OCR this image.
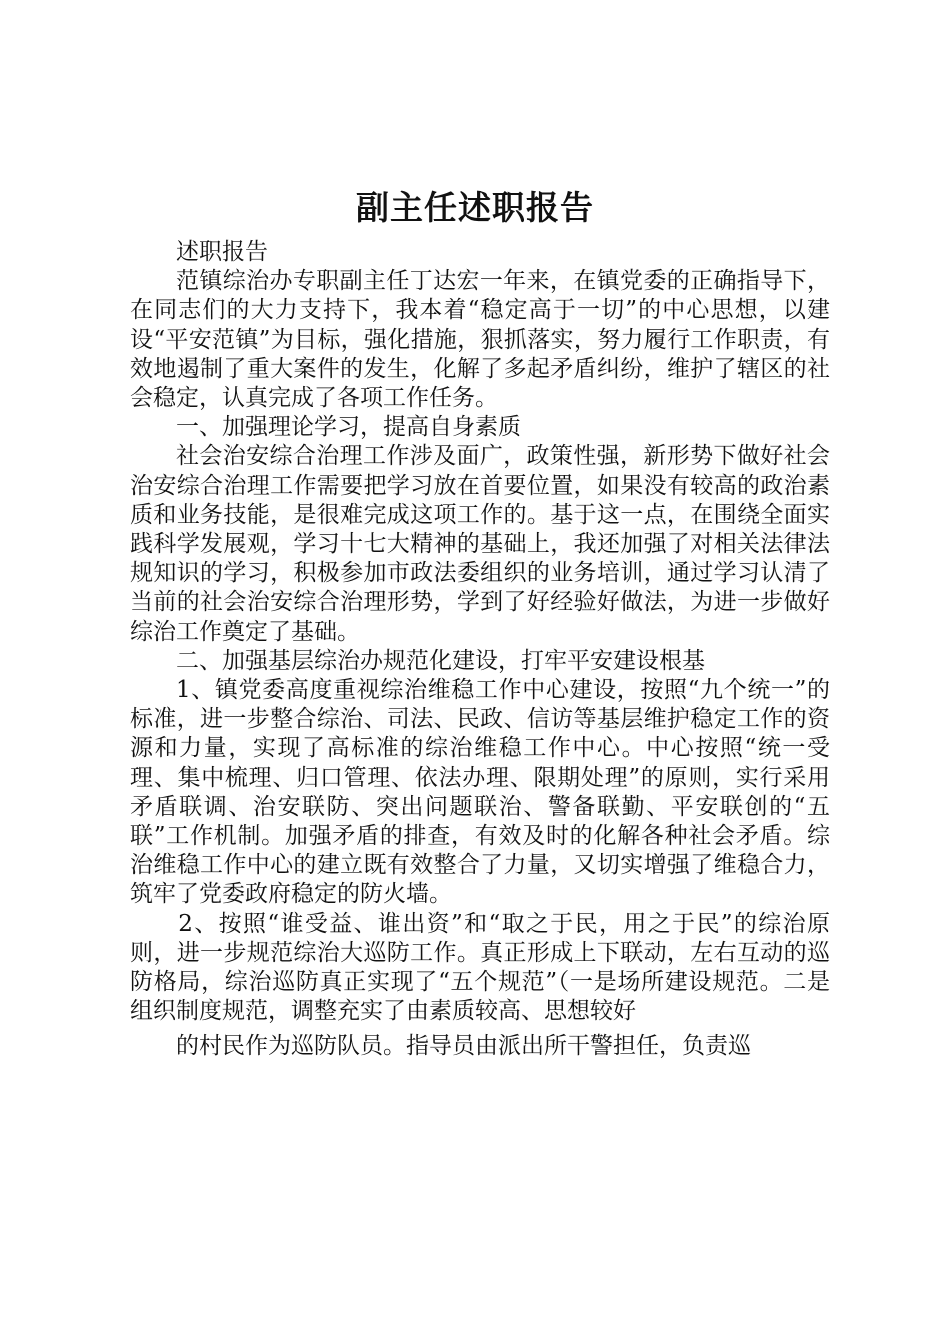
副主任述职报告

述职报告

范镇综治办专职副主任丁达宏一年来，在镇党委的正确指导下，在同志们的大力支持下，我本着“稳定高于一切”的中心思想，以建设“平安范镇”为目标，强化措施，狠抓落实，努力履行工作职责，有效地遏制了重大案件的发生，化解了多起矛盾纠纷，维护了辖区的社会稳定，认真完成了各项工作任务。

一、加强理论学习，提高自身素质

社会治安综合治理工作涉及面广，政策性强，新形势下做好社会治安综合治理工作需要把学习放在首要位置，如果没有较高的政治素质和业务技能，是很难完成这项工作的。基于这一点，在围绕全面实践科学发展观，学习十七大精神的基础上，我还加强了对相关法律法规知识的学习，积极参加市政法委组织的业务培训，通过学习认清了当前的社会治安综合治理形势，学到了好经验好做法，为进一步做好综治工作奠定了基础。

二、加强基层综治办规范化建设，打牢平安建设根基

1、镇党委高度重视综治维稳工作中心建设，按照“九个统一”的标准，进一步整合综治、司法、民政、信访等基层维护稳定工作的资源和力量，实现了高标准的综治维稳工作中心。中心按照“统一受理、集中梳理、归口管理、依法办理、限期处理”的原则，实行采用矛盾联调、治安联防、突出问题联治、警备联勤、平安联创的“五联”工作机制。加强矛盾的排查，有效及时的化解各种社会矛盾。综治维稳工作中心的建立既有效整合了力量，又切实增强了维稳合力，筑牢了党委政府稳定的防火墙。

2、按照“谁受益、谁出资”和“取之于民，用之于民”的综治原则，进一步规范综治大巡防工作。真正形成上下联动，左右互动的巡防格局，综治巡防真正实现了“五个规范”（一是场所建设规范。二是组织制度规范，调整充实了由素质较高、思想较好

的村民作为巡防队员。指导员由派出所干警担任，负责巡
